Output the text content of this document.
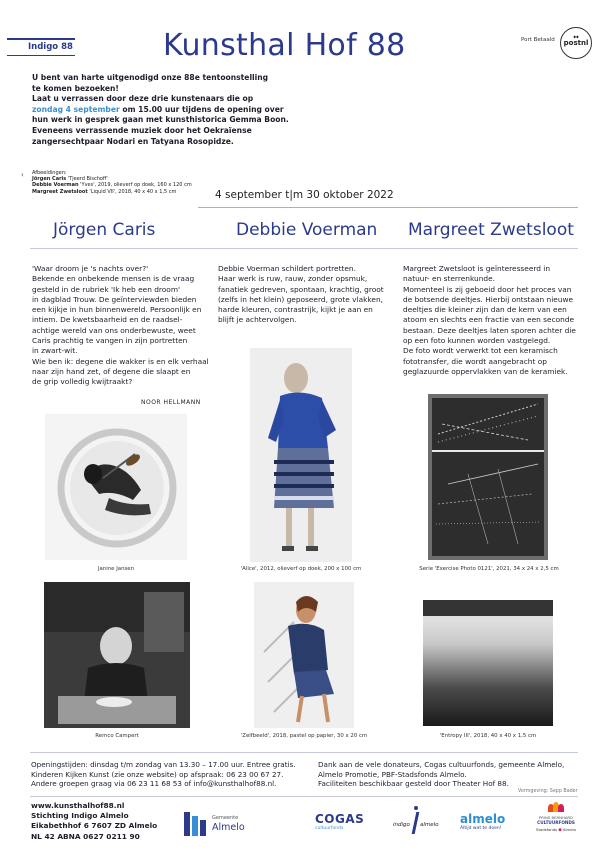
Indigo 88	Kunsthal Hof 88	Port Betaald
⬥⬥
postnl
U bent van harte uitgenodigd onze 88e tentoonstelling
te komen bezoeken!
Laat u verrassen door deze drie kunstenaars die op
zondag 4 september om 15.00 uur tijdens de opening over
hun werk in gesprek gaan met kunsthistorica Gemma Boon.
Eveneens verrassende muziek door het Oekraïense
zangersechtpaar Nodari en Tatyana Rosopidze.
‹ Afbeeldingen:
Jörgen Caris 'Tjeerd Bischoff'
Debbie Voerman 'Yves', 2019, olieverf op doek, 160 x 120 cm
Margreet Zwetsloot 'Liquid VII', 2018, 40 x 40 x 1,5 cm	4 september t|m 30 oktober 2022
Jörgen Caris	Debbie Voerman Margreet Zwetsloot
'Waar droom je 's nachts over?'
Bekende en onbekende mensen is de vraag
gesteld in de rubriek 'Ik heb een droom'
in dagblad Trouw. De geïnterviewden bieden
een kijkje in hun binnenwereld. Persoonlijk en
intiem. De kwetsbaarheid en de raadsel-
achtige wereld van ons onderbewuste, weet
Caris prachtig te vangen in zijn portretten
in zwart-wit.
Wie ben ik: degene die wakker is en elk verhaal
naar zijn hand zet, of degene die slaapt en
de grip volledig kwijtraakt?
NOOR HELLMANN
Debbie Voerman schildert portretten.
Haar werk is ruw, rauw, zonder opsmuk,
fanatiek gedreven, spontaan, krachtig, groot
(zelfs in het klein) geposeerd, grote vlakken,
harde kleuren, contrastrijk, kijkt je aan en
blijft je achtervolgen.
Margreet Zwetsloot is geïnteresseerd in
natuur- en sterrenkunde.
Momenteel is zij geboeid door het proces van
de botsende deeltjes. Hierbij ontstaan nieuwe
deeltjes die kleiner zijn dan de kern van een
atoom en slechts een fractie van een seconde
bestaan. Deze deeltjes laten sporen achter die
op een foto kunnen worden vastgelegd.
De foto wordt verwerkt tot een keramisch
fototransfer, die wordt aangebracht op
geglazuurde oppervlakken van de keramiek.
Janine Jansen	'Alice', 2012, olieverf op doek, 200 x 100 cm	Serie 'Exercise Photo 0121', 2021, 34 x 24 x 2,5 cm
Remco Campert	'Zelfbeeld', 2018, pastel op papier, 30 x 20 cm	'Entropy III', 2018, 40 x 40 x 1,5 cm
Openingstijden: dinsdag t/m zondag van 13.30 – 17.00 uur. Entree gratis.
Kinderen Kijken Kunst (zie onze website) op afspraak: 06 23 00 67 27.
Andere groepen graag via 06 23 11 68 53 of info@kunsthalhof88.nl.
Dank aan de vele donateurs, Cogas cultuurfonds, gemeente Almelo,
Almelo Promotie, PBF-Stadsfonds Almelo.
Faciliteiten beschikbaar gesteld door Theater Hof 88.
Vormgeving: Sepp Bader
www.kunsthalhof88.nl
Stichting Indigo Almelo
Eikabethhof 6 7607 ZD Almelo
NL 42 ABNA 0627 0211 90
Gemeente
Almelo
COGAS
cultuurfonds
indigo almelo almelo
Altijd wat te doen!
PRINS BERNHARD
CULTUURFONDS
Stadsfonds ⬢ Almelo
